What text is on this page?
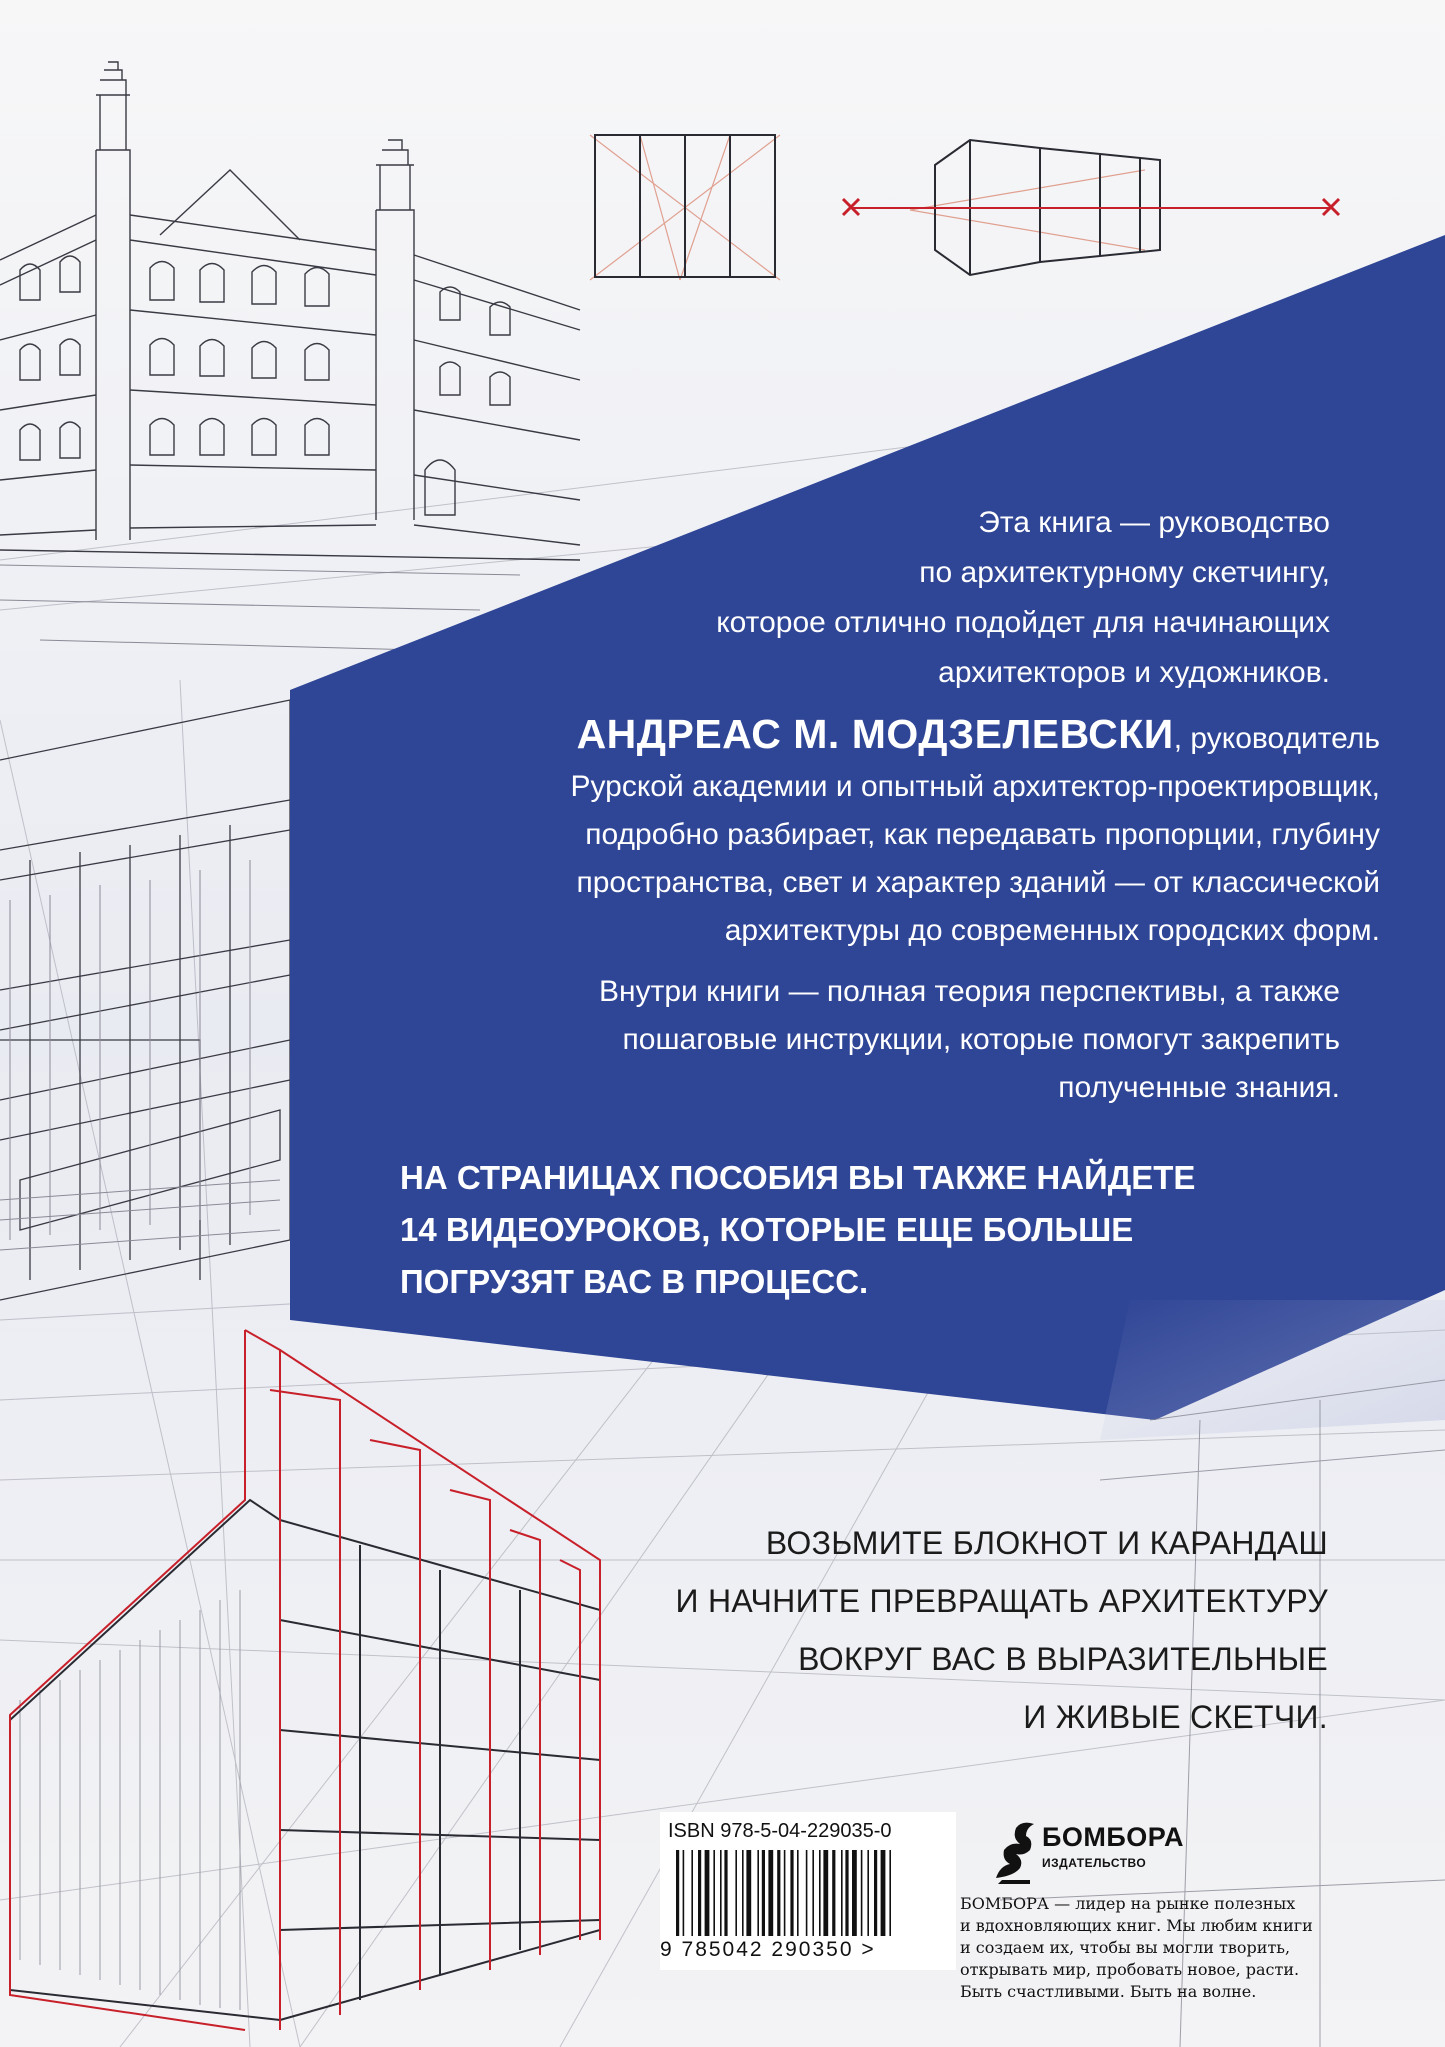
Эта книга — руководство
по архитектурному скетчингу,
которое отлично подойдет для начинающих
архитекторов и художников.
АНДРЕАС М. МОДЗЕЛЕВСКИ, руководитель
Рурской академии и опытный архитектор-проектировщик,
подробно разбирает, как передавать пропорции, глубину
пространства, свет и характер зданий — от классической
архитектуры до современных городских форм.
Внутри книги — полная теория перспективы, а также
пошаговые инструкции, которые помогут закрепить
полученные знания.
НА СТРАНИЦАХ ПОСОБИЯ ВЫ ТАКЖЕ НАЙДЕТЕ
14 ВИДЕОУРОКОВ, КОТОРЫЕ ЕЩЕ БОЛЬШЕ
ПОГРУЗЯТ ВАС В ПРОЦЕСС.
ВОЗЬМИТЕ БЛОКНОТ И КАРАНДАШ
И НАЧНИТЕ ПРЕВРАЩАТЬ АРХИТЕКТУРУ
ВОКРУГ ВАС В ВЫРАЗИТЕЛЬНЫЕ
И ЖИВЫЕ СКЕТЧИ.
ISBN 978-5-04-229035-0
9 785042 290350 >
БОМБОРА
ИЗДАТЕЛЬСТВО
БОМБОРА — лидер на рынке полезных
и вдохновляющих книг. Мы любим книги
и создаем их, чтобы вы могли творить,
открывать мир, пробовать новое, расти.
Быть счастливыми. Быть на волне.
